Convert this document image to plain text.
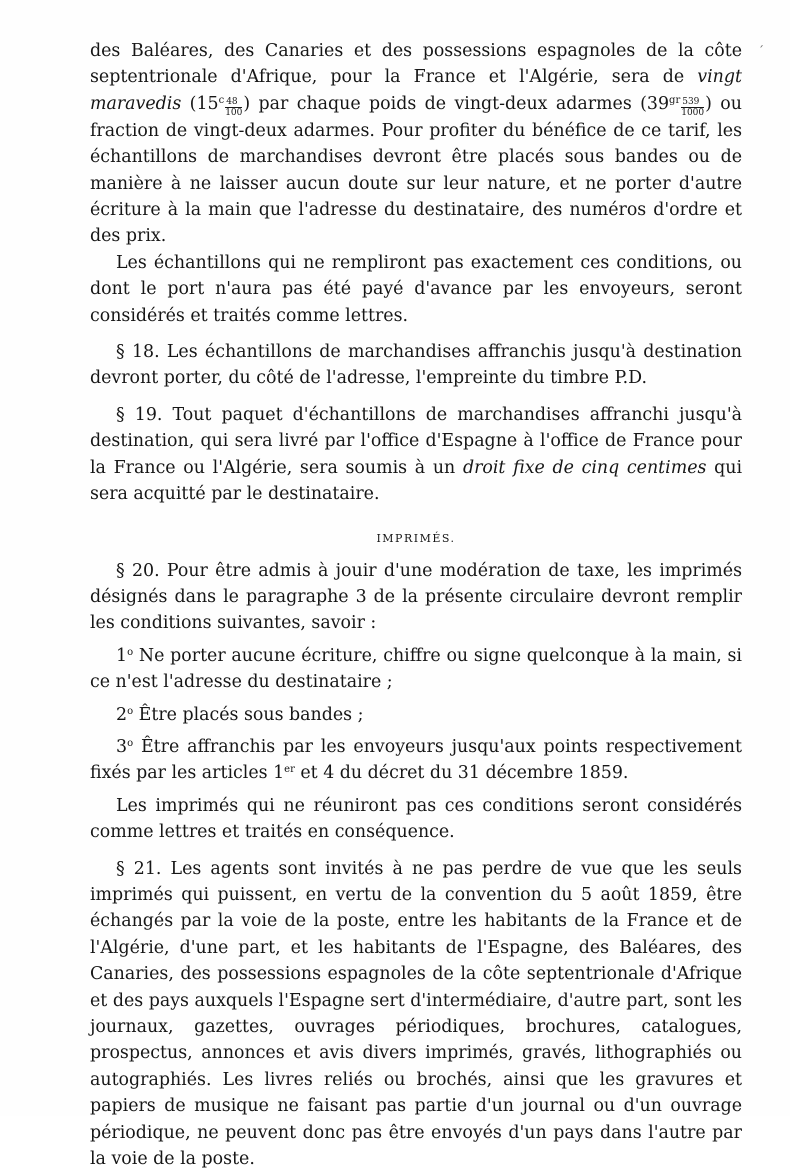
´

des Baléares, des Canaries et des possessions espagnoles de la côte septentrionale d'Afrique, pour la France et l'Algérie, sera de vingt maravedis ($15^c \frac{48}{100}$ ) par chaque poids de vingt-deux adarmes ($39^{gr} \frac{539}{1000}$ ) ou fraction de vingt-deux adarmes. Pour profiter du bénéfice de ce tarif, les échantillons de marchandises devront être placés sous bandes ou de manière à ne laisser aucun doute sur leur nature, et ne porter d'autre écriture à la main que l'adresse du destinataire, des numéros d'ordre et des prix.

Les échantillons qui ne rempliront pas exactement ces conditions, ou dont le port n'aura pas été payé d'avance par les envoyeurs, seront considérés et traités comme lettres.

§ 18. Les échantillons de marchandises affranchis jusqu'à destination devront porter, du côté de l'adresse, l'empreinte du timbre P.D.

§ 19. Tout paquet d'échantillons de marchandises affranchi jusqu'à destination, qui sera livré par l'office d'Espagne à l'office de France pour la France ou l'Algérie, sera soumis à un droit fixe de cinq centimes qui sera acquitté par le destinataire.

IMPRIMÉS.

§ 20. Pour être admis à jouir d'une modération de taxe, les imprimés désignés dans le paragraphe 3 de la présente circulaire devront remplir les conditions suivantes, savoir :

1$^o$ Ne porter aucune écriture, chiffre ou signe quelconque à la main, si ce n'est l'adresse du destinataire ;

2$^o$ Être placés sous bandes ;

3$^o$ Être affranchis par les envoyeurs jusqu'aux points respectivement fixés par les articles 1er et 4 du décret du 31 décembre 1859.

Les imprimés qui ne réuniront pas ces conditions seront considérés comme lettres et traités en conséquence.

§ 21. Les agents sont invités à ne pas perdre de vue que les seuls imprimés qui puissent, en vertu de la convention du 5 août 1859, être échangés par la voie de la poste, entre les habitants de la France et de l'Algérie, d'une part, et les habitants de l'Espagne, des Baléares, des Canaries, des possessions espagnoles de la côte septentrionale d'Afrique et des pays auxquels l'Espagne sert d'intermédiaire, d'autre part, sont les journaux, gazettes, ouvrages périodiques, brochures, catalogues, prospectus, annonces et avis divers imprimés, gravés, lithographiés ou autographiés. Les livres reliés ou brochés, ainsi que les gravures et papiers de musique ne faisant pas partie d'un journal ou d'un ouvrage périodique, ne peuvent donc pas être envoyés d'un pays dans l'autre par la voie de la poste.
